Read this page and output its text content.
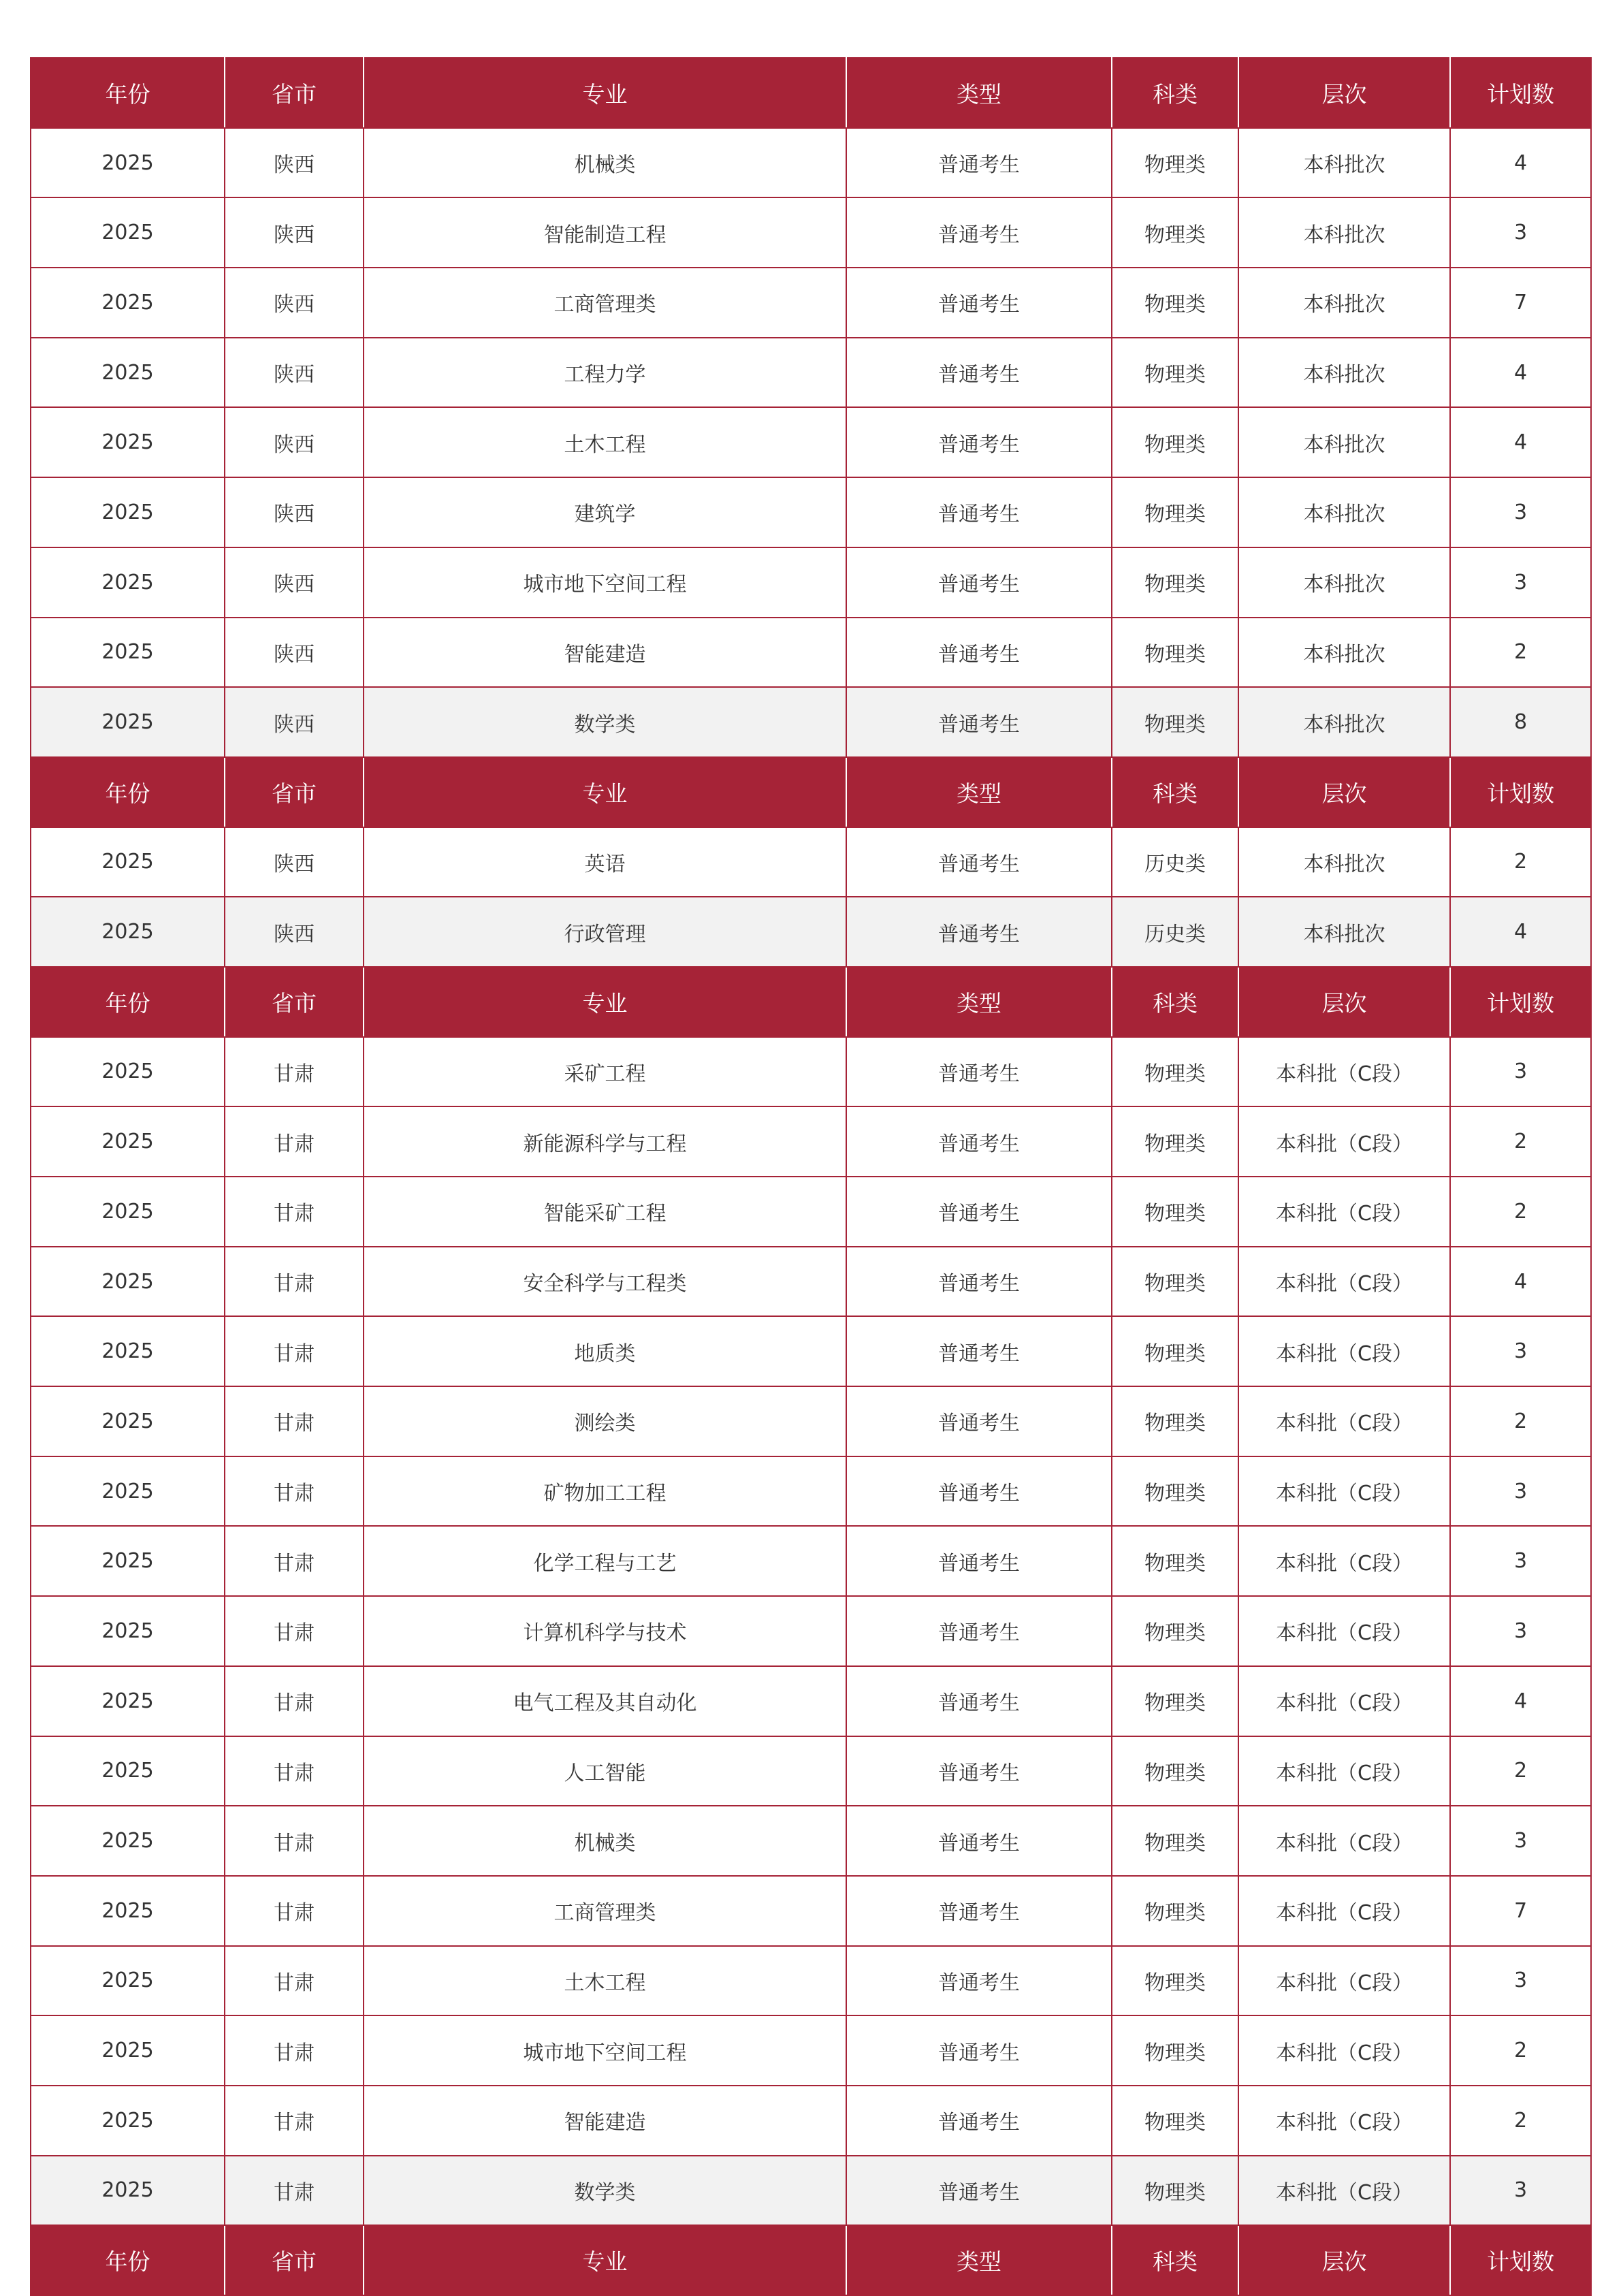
年份	省市	专业	类型	科类	层次	计划数
2025	陕西	机械类	普通考生	物理类	本科批次	4
2025	陕西	智能制造工程	普通考生	物理类	本科批次	3
2025	陕西	工商管理类	普通考生	物理类	本科批次	7
2025	陕西	工程力学	普通考生	物理类	本科批次	4
2025	陕西	土木工程	普通考生	物理类	本科批次	4
2025	陕西	建筑学	普通考生	物理类	本科批次	3
2025	陕西	城市地下空间工程	普通考生	物理类	本科批次	3
2025	陕西	智能建造	普通考生	物理类	本科批次	2
2025	陕西	数学类	普通考生	物理类	本科批次	8
年份	省市	专业	类型	科类	层次	计划数
2025	陕西	英语	普通考生	历史类	本科批次	2
2025	陕西	行政管理	普通考生	历史类	本科批次	4
年份	省市	专业	类型	科类	层次	计划数
2025	甘肃	采矿工程	普通考生	物理类	本科批（C段）	3
2025	甘肃	新能源科学与工程	普通考生	物理类	本科批（C段）	2
2025	甘肃	智能采矿工程	普通考生	物理类	本科批（C段）	2
2025	甘肃	安全科学与工程类	普通考生	物理类	本科批（C段）	4
2025	甘肃	地质类	普通考生	物理类	本科批（C段）	3
2025	甘肃	测绘类	普通考生	物理类	本科批（C段）	2
2025	甘肃	矿物加工工程	普通考生	物理类	本科批（C段）	3
2025	甘肃	化学工程与工艺	普通考生	物理类	本科批（C段）	3
2025	甘肃	计算机科学与技术	普通考生	物理类	本科批（C段）	3
2025	甘肃	电气工程及其自动化	普通考生	物理类	本科批（C段）	4
2025	甘肃	人工智能	普通考生	物理类	本科批（C段）	2
2025	甘肃	机械类	普通考生	物理类	本科批（C段）	3
2025	甘肃	工商管理类	普通考生	物理类	本科批（C段）	7
2025	甘肃	土木工程	普通考生	物理类	本科批（C段）	3
2025	甘肃	城市地下空间工程	普通考生	物理类	本科批（C段）	2
2025	甘肃	智能建造	普通考生	物理类	本科批（C段）	2
2025	甘肃	数学类	普通考生	物理类	本科批（C段）	3
年份	省市	专业	类型	科类	层次	计划数
